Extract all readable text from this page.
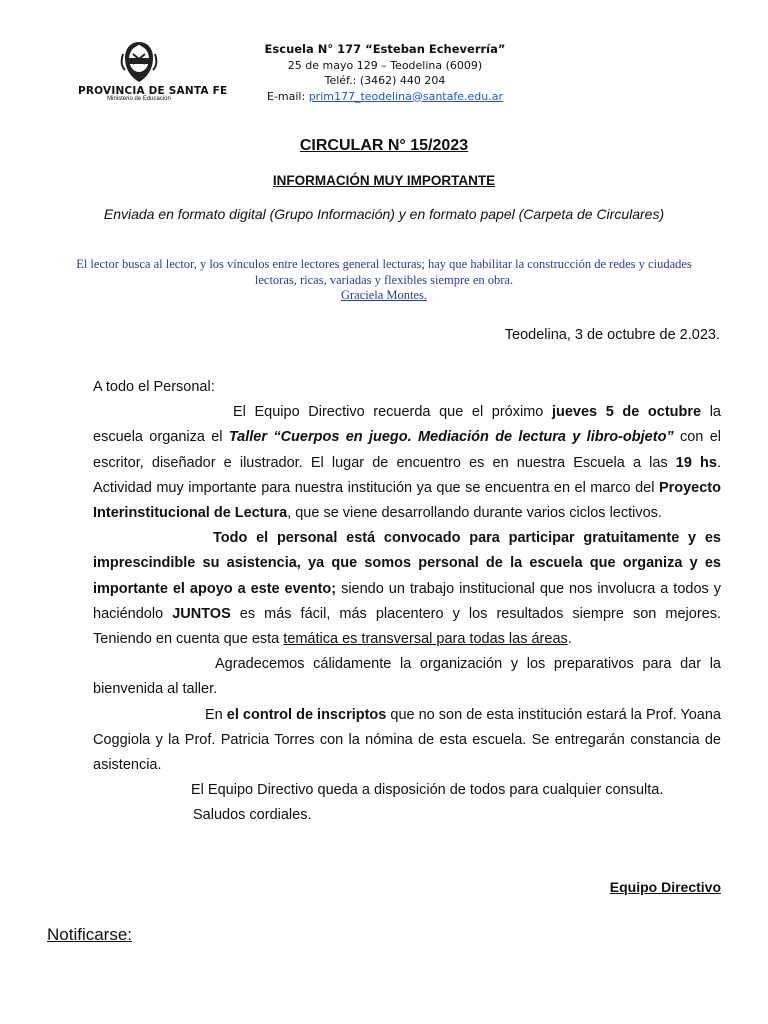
PROVINCIA DE SANTA FE
Ministerio de Educación
Escuela N° 177 “Esteban Echeverría”
25 de mayo 129 – Teodelina (6009)
Teléf.: (3462) 440 204
E-mail: prim177_teodelina@santafe.edu.ar
CIRCULAR N° 15/2023
INFORMACIÓN MUY IMPORTANTE
Enviada en formato digital (Grupo Información) y en formato papel (Carpeta de Circulares)
El lector busca al lector, y los vínculos entre lectores general lecturas; hay que habilitar la construcción de redes y ciudades lectoras, ricas, variadas y flexibles siempre en obra.
Graciela Montes.
Teodelina, 3 de octubre de 2.023.

A todo el Personal:

El Equipo Directivo recuerda que el próximo jueves 5 de octubre la escuela organiza el Taller “Cuerpos en juego. Mediación de lectura y libro-objeto” con el escritor, diseñador e ilustrador. El lugar de encuentro es en nuestra Escuela a las 19 hs. Actividad muy importante para nuestra institución ya que se encuentra en el marco del Proyecto Interinstitucional de Lectura, que se viene desarrollando durante varios ciclos lectivos.

Todo el personal está convocado para participar gratuitamente y es imprescindible su asistencia, ya que somos personal de la escuela que organiza y es importante el apoyo a este evento; siendo un trabajo institucional que nos involucra a todos y haciéndolo JUNTOS es más fácil, más placentero y los resultados siempre son mejores. Teniendo en cuenta que esta temática es transversal para todas las áreas.

Agradecemos cálidamente la organización y los preparativos para dar la bienvenida al taller.

En el control de inscriptos que no son de esta institución estará la Prof. Yoana Coggiola y la Prof. Patricia Torres con la nómina de esta escuela. Se entregarán constancia de asistencia.

El Equipo Directivo queda a disposición de todos para cualquier consulta.

Saludos cordiales.

Equipo Directivo
Notificarse:
